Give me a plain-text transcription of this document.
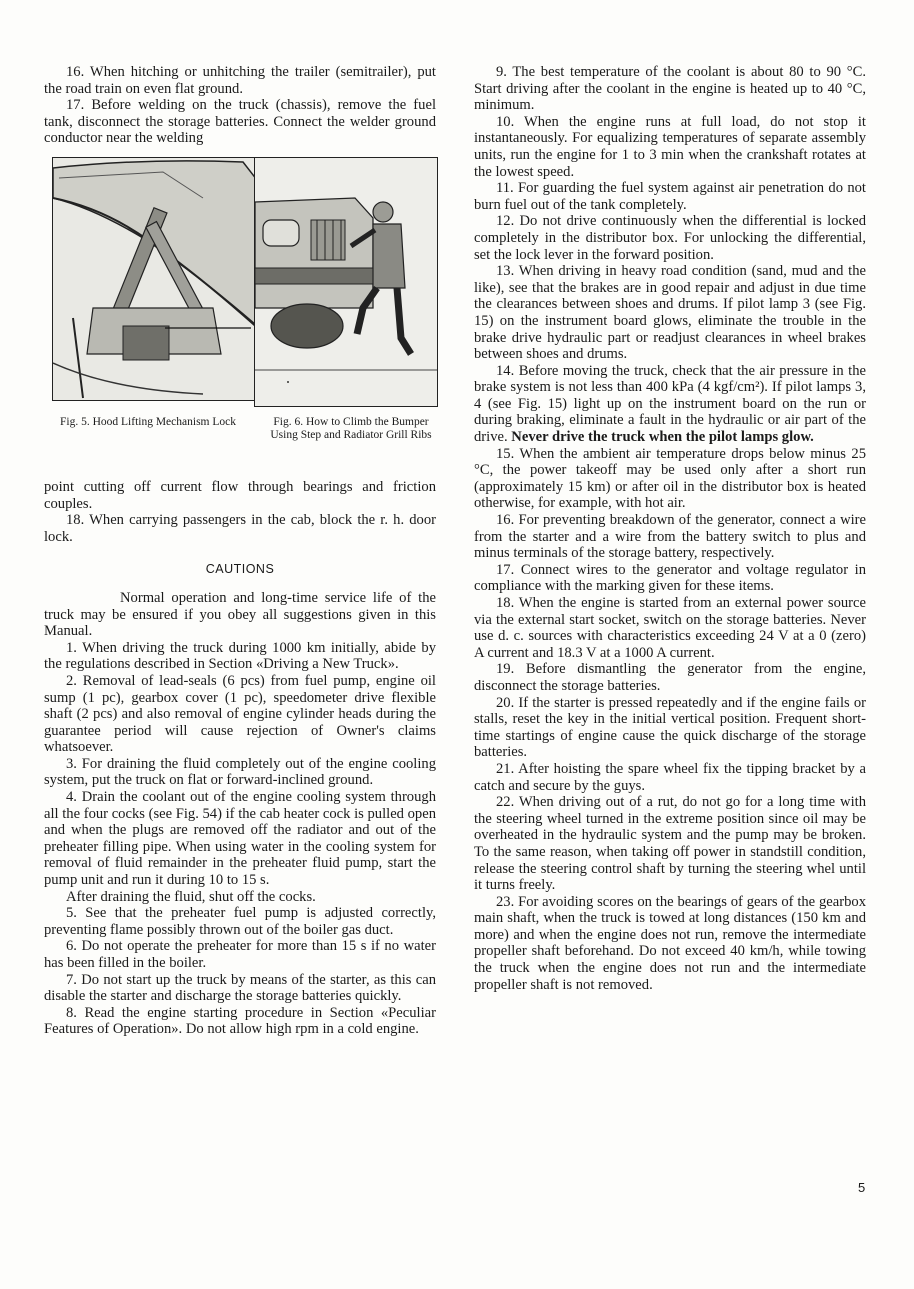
16. When hitching or unhitching the trailer (semitrailer), put the road train on even flat ground.

17. Before welding on the truck (chassis), remove the fuel tank, disconnect the storage batteries. Connect the welder ground conductor near the welding

Fig. 5. Hood Lifting Mechanism Lock	Fig. 6. How to Climb the Bumper Using Step and Radiator Grill Ribs

point cutting off current flow through bearings and friction couples.

18. When carrying passengers in the cab, block the r. h. door lock.

CAUTIONS

Normal operation and long-time service life of the truck may be ensured if you obey all suggestions given in this Manual.

1. When driving the truck during 1000 km initially, abide by the regulations described in Section «Driving a New Truck».

2. Removal of lead-seals (6 pcs) from fuel pump, engine oil sump (1 pc), gearbox cover (1 pc), speedometer drive flexible shaft (2 pcs) and also removal of engine cylinder heads during the guarantee period will cause rejection of Owner's claims whatsoever.

3. For draining the fluid completely out of the engine cooling system, put the truck on flat or forward-inclined ground.

4. Drain the coolant out of the engine cooling system through all the four cocks (see Fig. 54) if the cab heater cock is pulled open and when the plugs are removed off the radiator and out of the preheater filling pipe. When using water in the cooling system for removal of fluid remainder in the preheater fluid pump, start the pump unit and run it during 10 to 15 s.

After draining the fluid, shut off the cocks.

5. See that the preheater fuel pump is adjusted correctly, preventing flame possibly thrown out of the boiler gas duct.

6. Do not operate the preheater for more than 15 s if no water has been filled in the boiler.

7. Do not start up the truck by means of the starter, as this can disable the starter and discharge the storage batteries quickly.

8. Read the engine starting procedure in Section «Peculiar Features of Operation». Do not allow high rpm in a cold engine.

9. The best temperature of the coolant is about 80 to 90 °C. Start driving after the coolant in the engine is heated up to 40 °C, minimum.

10. When the engine runs at full load, do not stop it instantaneously. For equalizing temperatures of separate assembly units, run the engine for 1 to 3 min when the crankshaft rotates at the lowest speed.

11. For guarding the fuel system against air penetration do not burn fuel out of the tank completely.

12. Do not drive continuously when the differential is locked completely in the distributor box. For unlocking the differential, set the lock lever in the forward position.

13. When driving in heavy road condition (sand, mud and the like), see that the brakes are in good repair and adjust in due time the clearances between shoes and drums. If pilot lamp 3 (see Fig. 15) on the instrument board glows, eliminate the trouble in the brake drive hydraulic part or readjust clearances in wheel brakes between shoes and drums.

14. Before moving the truck, check that the air pressure in the brake system is not less than 400 kPa (4 kgf/cm²). If pilot lamps 3, 4 (see Fig. 15) light up on the instrument board on the run or during braking, eliminate a fault in the hydraulic or air part of the drive. Never drive the truck when the pilot lamps glow.

15. When the ambient air temperature drops below minus 25 °C, the power takeoff may be used only after a short run (approximately 15 km) or after oil in the distributor box is heated otherwise, for example, with hot air.

16. For preventing breakdown of the generator, connect a wire from the starter and a wire from the battery switch to plus and minus terminals of the storage battery, respectively.

17. Connect wires to the generator and voltage regulator in compliance with the marking given for these items.

18. When the engine is started from an external power source via the external start socket, switch on the storage batteries. Never use d. c. sources with characteristics exceeding 24 V at a 0 (zero) A current and 18.3 V at a 1000 A current.

19. Before dismantling the generator from the engine, disconnect the storage batteries.

20. If the starter is pressed repeatedly and if the engine fails or stalls, reset the key in the initial vertical position. Frequent short-time startings of engine cause the quick discharge of the storage batteries.

21. After hoisting the spare wheel fix the tipping bracket by a catch and secure by the guys.

22. When driving out of a rut, do not go for a long time with the steering wheel turned in the extreme position since oil may be overheated in the hydraulic system and the pump may be broken. To the same reason, when taking off power in standstill condition, release the steering control shaft by turning the steering whel until it turns freely.

23. For avoiding scores on the bearings of gears of the gearbox main shaft, when the truck is towed at long distances (150 km and more) and when the engine does not run, remove the intermediate propeller shaft beforehand. Do not exceed 40 km/h, while towing the truck when the engine does not run and the intermediate propeller shaft is not removed.

5
